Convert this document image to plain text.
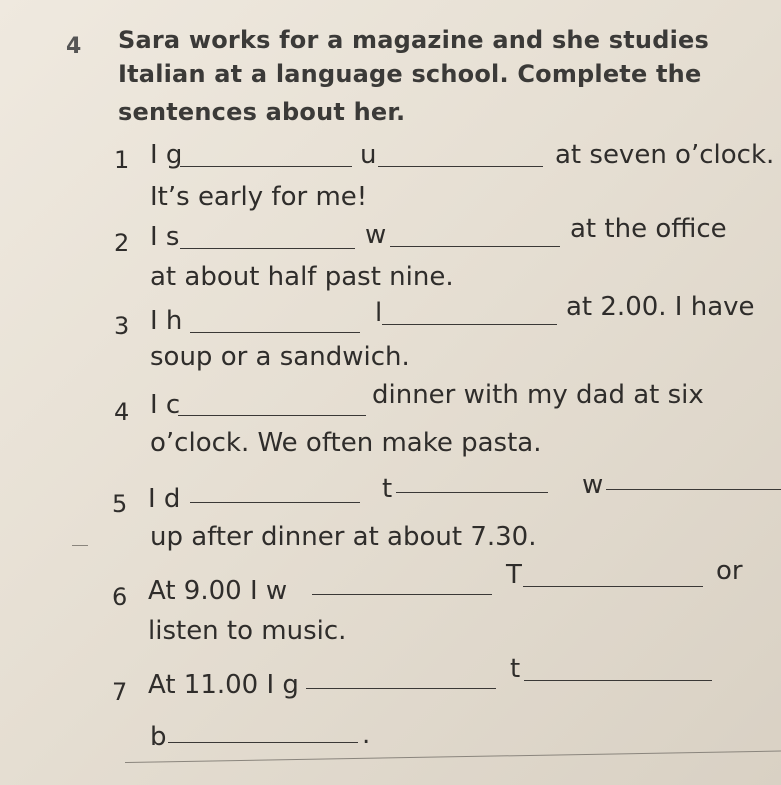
4 Sara works for a magazine and she studies
Italian at a language school. Complete the
sentences about her.
1 I g	u	at seven o’clock.
It’s early for me!
2 I s	w	at the office
at about half past nine.
3 I h	l	at 2.00. I have
soup or a sandwich.
4 I c	dinner with my dad at six
o’clock. We often make pasta.
5 I d	t	w
up after dinner at about 7.30.
6 At 9.00 I w
T	or
listen to music.
7 At 11.00 I g
t
b	.
